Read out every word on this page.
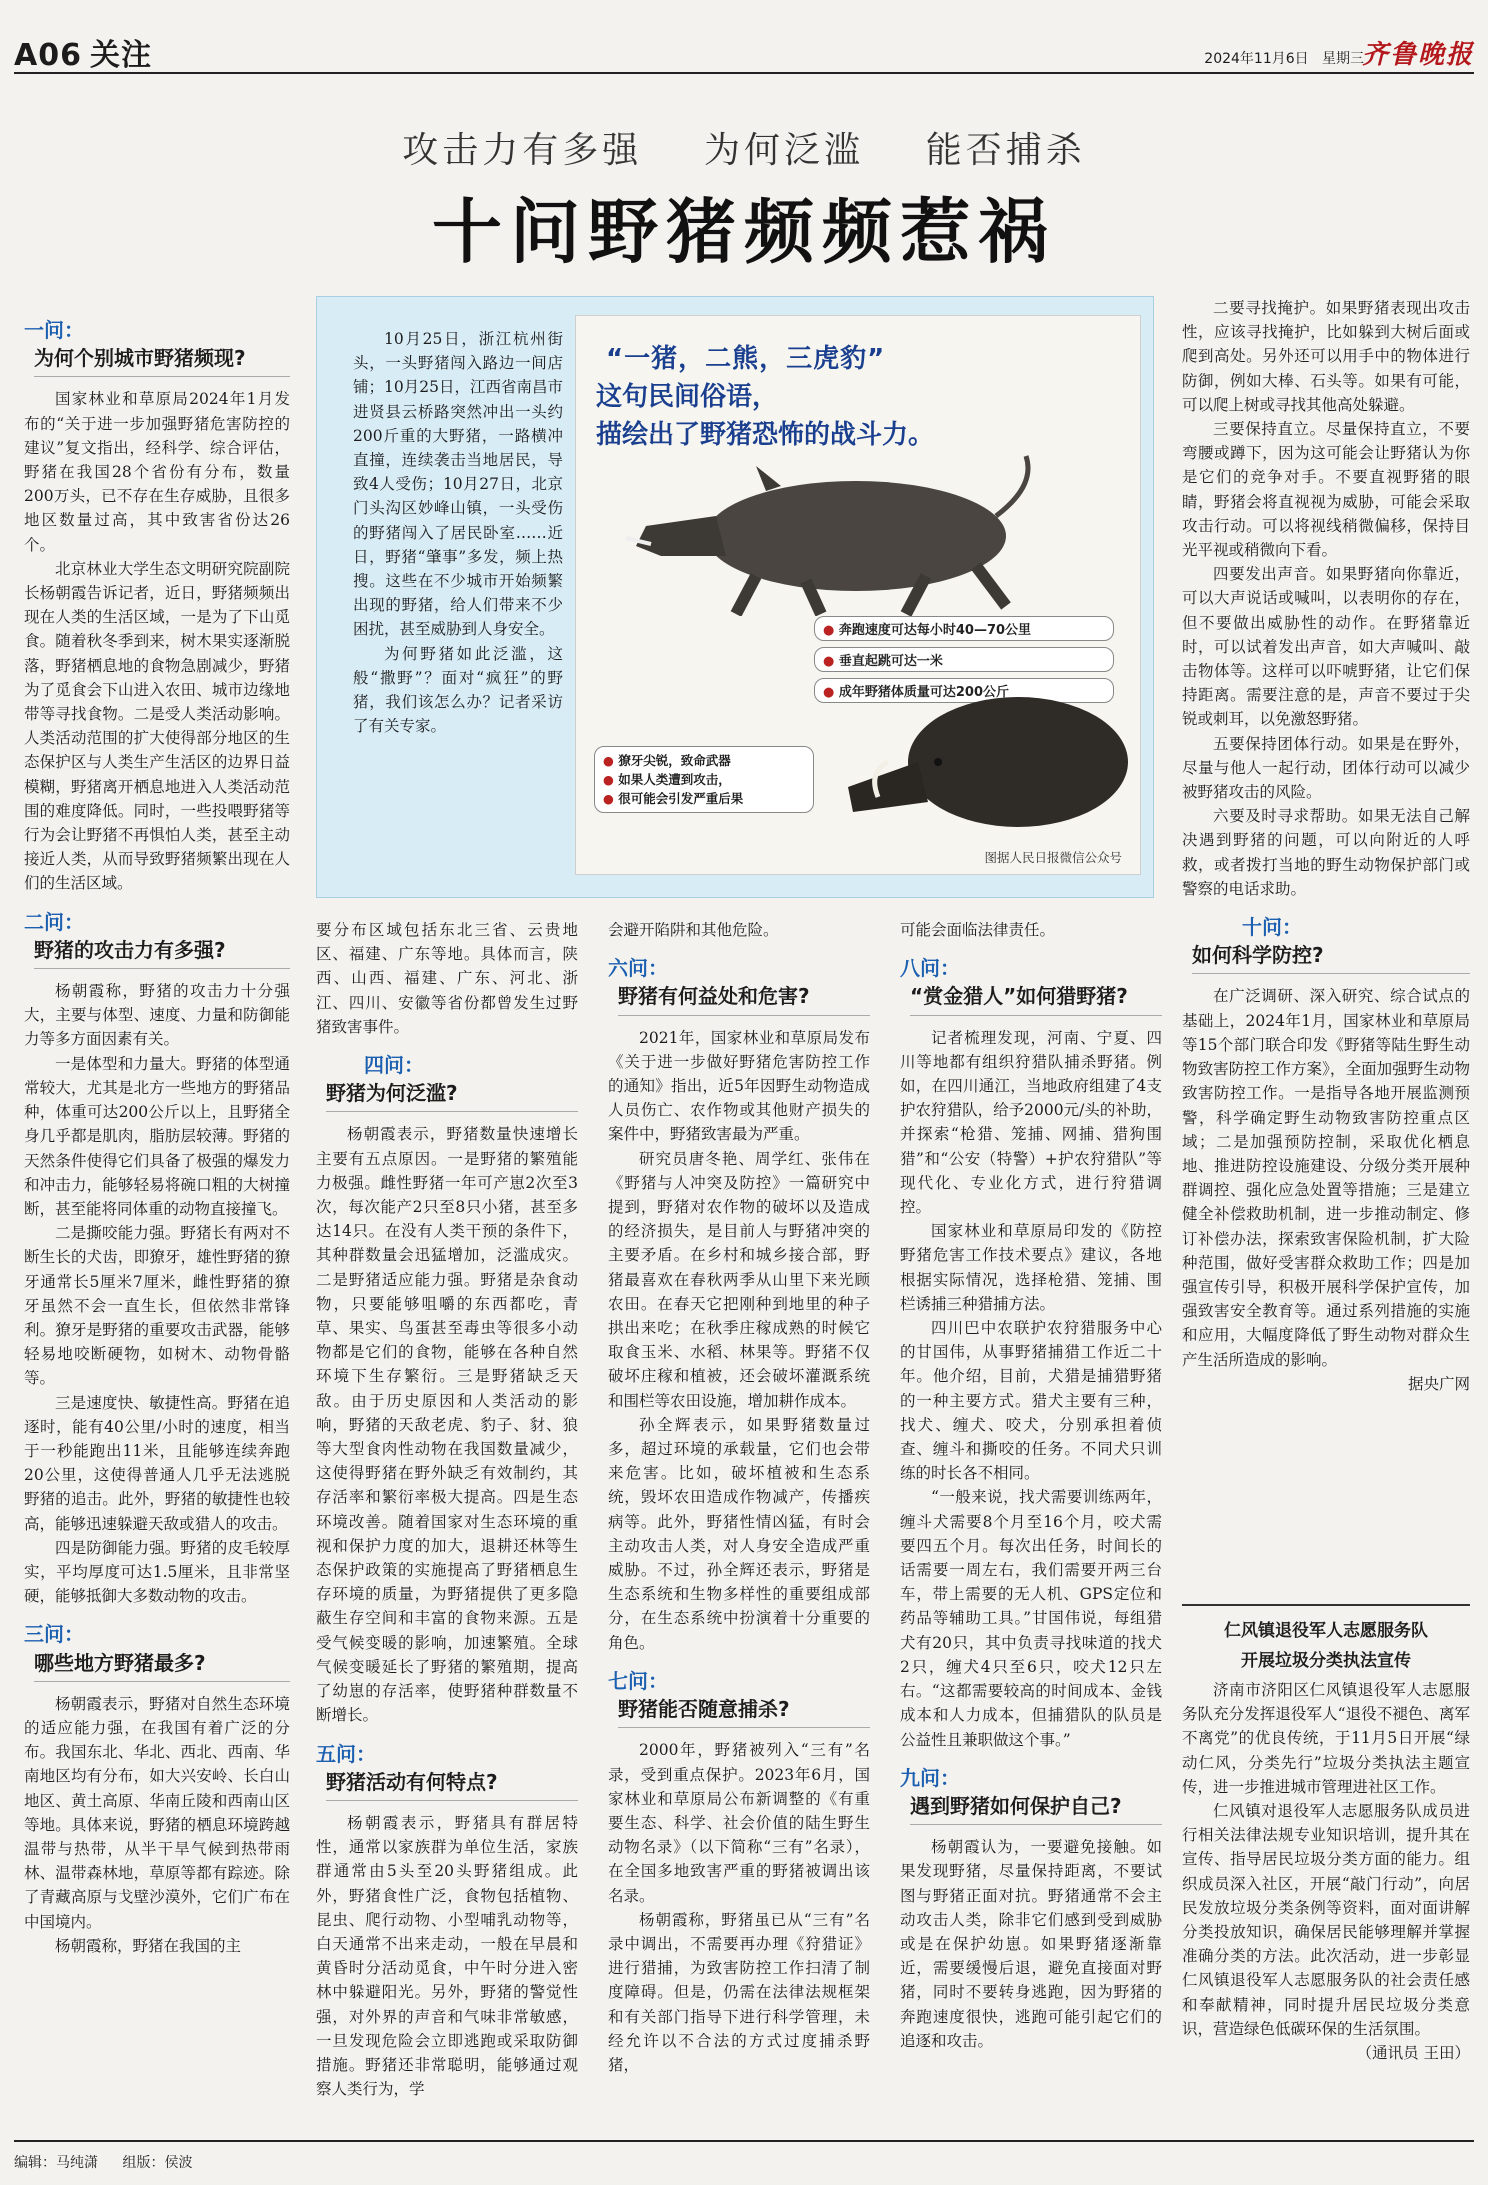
A06 关注	2024年11月6日 星期三
齐鲁晚报
攻击力有多强    为何泛滥    能否捕杀
十问野猪频频惹祸
一问：
为何个别城市野猪频现?

国家林业和草原局2024年1月发布的“关于进一步加强野猪危害防控的建议”复文指出，经科学、综合评估，野猪在我国28个省份有分布，数量200万头，已不存在生存威胁，且很多地区数量过高，其中致害省份达26个。

北京林业大学生态文明研究院副院长杨朝霞告诉记者，近日，野猪频频出现在人类的生活区域，一是为了下山觅食。随着秋冬季到来，树木果实逐渐脱落，野猪栖息地的食物急剧减少，野猪为了觅食会下山进入农田、城市边缘地带等寻找食物。二是受人类活动影响。人类活动范围的扩大使得部分地区的生态保护区与人类生产生活区的边界日益模糊，野猪离开栖息地进入人类活动范围的难度降低。同时，一些投喂野猪等行为会让野猪不再惧怕人类，甚至主动接近人类，从而导致野猪频繁出现在人们的生活区域。

二问：
野猪的攻击力有多强?

杨朝霞称，野猪的攻击力十分强大，主要与体型、速度、力量和防御能力等多方面因素有关。

一是体型和力量大。野猪的体型通常较大，尤其是北方一些地方的野猪品种，体重可达200公斤以上，且野猪全身几乎都是肌肉，脂肪层较薄。野猪的天然条件使得它们具备了极强的爆发力和冲击力，能够轻易将碗口粗的大树撞断，甚至能将同体重的动物直接撞飞。

二是撕咬能力强。野猪长有两对不断生长的犬齿，即獠牙，雄性野猪的獠牙通常长5厘米7厘米，雌性野猪的獠牙虽然不会一直生长，但依然非常锋利。獠牙是野猪的重要攻击武器，能够轻易地咬断硬物，如树木、动物骨骼等。

三是速度快、敏捷性高。野猪在追逐时，能有40公里/小时的速度，相当于一秒能跑出11米，且能够连续奔跑20公里，这使得普通人几乎无法逃脱野猪的追击。此外，野猪的敏捷性也较高，能够迅速躲避天敌或猎人的攻击。

四是防御能力强。野猪的皮毛较厚实，平均厚度可达1.5厘米，且非常坚硬，能够抵御大多数动物的攻击。

三问：
哪些地方野猪最多?

杨朝霞表示，野猪对自然生态环境的适应能力强，在我国有着广泛的分布。我国东北、华北、西北、西南、华南地区均有分布，如大兴安岭、长白山地区、黄土高原、华南丘陵和西南山区等地。具体来说，野猪的栖息环境跨越温带与热带，从半干旱气候到热带雨林、温带森林地，草原等都有踪迹。除了青藏高原与戈壁沙漠外，它们广布在中国境内。

杨朝霞称，野猪在我国的主

10月25日，浙江杭州街头，一头野猪闯入路边一间店铺；10月25日，江西省南昌市进贤县云桥路突然冲出一头约200斤重的大野猪，一路横冲直撞，连续袭击当地居民，导致4人受伤；10月27日，北京门头沟区妙峰山镇，一头受伤的野猪闯入了居民卧室……近日，野猪“肇事”多发，频上热搜。这些在不少城市开始频繁出现的野猪，给人们带来不少困扰，甚至威胁到人身安全。

为何野猪如此泛滥，这般“撒野”？面对“疯狂”的野猪，我们该怎么办？记者采访了有关专家。

“一猪，二熊，三虎豹”
这句民间俗语，
描绘出了野猪恐怖的战斗力。
● 奔跑速度可达每小时40—70公里
● 垂直起跳可达一米
● 成年野猪体质量可达200公斤
● 獠牙尖锐，致命武器
● 如果人类遭到攻击，
● 很可能会引发严重后果
图据人民日报微信公众号

要分布区域包括东北三省、云贵地区、福建、广东等地。具体而言，陕西、山西、福建、广东、河北、浙江、四川、安徽等省份都曾发生过野猪致害事件。

四问：
野猪为何泛滥?

杨朝霞表示，野猪数量快速增长主要有五点原因。一是野猪的繁殖能力极强。雌性野猪一年可产崽2次至3次，每次能产2只至8只小猪，甚至多达14只。在没有人类干预的条件下，其种群数量会迅猛增加，泛滥成灾。二是野猪适应能力强。野猪是杂食动物，只要能够咀嚼的东西都吃，青草、果实、鸟蛋甚至毒虫等很多小动物都是它们的食物，能够在各种自然环境下生存繁衍。三是野猪缺乏天敌。由于历史原因和人类活动的影响，野猪的天敌老虎、豹子、豺、狼等大型食肉性动物在我国数量减少，这使得野猪在野外缺乏有效制约，其存活率和繁衍率极大提高。四是生态环境改善。随着国家对生态环境的重视和保护力度的加大，退耕还林等生态保护政策的实施提高了野猪栖息生存环境的质量，为野猪提供了更多隐蔽生存空间和丰富的食物来源。五是受气候变暖的影响，加速繁殖。全球气候变暖延长了野猪的繁殖期，提高了幼崽的存活率，使野猪种群数量不断增长。

五问：
野猪活动有何特点?

杨朝霞表示，野猪具有群居特性，通常以家族群为单位生活，家族群通常由5头至20头野猪组成。此外，野猪食性广泛，食物包括植物、昆虫、爬行动物、小型哺乳动物等，白天通常不出来走动，一般在早晨和黄昏时分活动觅食，中午时分进入密林中躲避阳光。另外，野猪的警觉性强，对外界的声音和气味非常敏感，一旦发现危险会立即逃跑或采取防御措施。野猪还非常聪明，能够通过观察人类行为，学

会避开陷阱和其他危险。

六问：
野猪有何益处和危害?

2021年，国家林业和草原局发布《关于进一步做好野猪危害防控工作的通知》指出，近5年因野生动物造成人员伤亡、农作物或其他财产损失的案件中，野猪致害最为严重。

研究员唐冬艳、周学红、张伟在《野猪与人冲突及防控》一篇研究中提到，野猪对农作物的破坏以及造成的经济损失，是目前人与野猪冲突的主要矛盾。在乡村和城乡接合部，野猪最喜欢在春秋两季从山里下来光顾农田。在春天它把刚种到地里的种子拱出来吃；在秋季庄稼成熟的时候它取食玉米、水稻、林果等。野猪不仅破坏庄稼和植被，还会破坏灌溉系统和围栏等农田设施，增加耕作成本。

孙全辉表示，如果野猪数量过多，超过环境的承载量，它们也会带来危害。比如，破坏植被和生态系统，毁坏农田造成作物减产，传播疾病等。此外，野猪性情凶猛，有时会主动攻击人类，对人身安全造成严重威胁。不过，孙全辉还表示，野猪是生态系统和生物多样性的重要组成部分，在生态系统中扮演着十分重要的角色。

七问：
野猪能否随意捕杀?

2000年，野猪被列入“三有”名录，受到重点保护。2023年6月，国家林业和草原局公布新调整的《有重要生态、科学、社会价值的陆生野生动物名录》（以下简称“三有”名录），在全国多地致害严重的野猪被调出该名录。

杨朝霞称，野猪虽已从“三有”名录中调出，不需要再办理《狩猎证》进行猎捕，为致害防控工作扫清了制度障碍。但是，仍需在法律法规框架和有关部门指导下进行科学管理，未经允许以不合法的方式过度捕杀野猪，

可能会面临法律责任。

八问：
“赏金猎人”如何猎野猪?

记者梳理发现，河南、宁夏、四川等地都有组织狩猎队捕杀野猪。例如，在四川通江，当地政府组建了4支护农狩猎队，给予2000元/头的补助，并探索“枪猎、笼捕、网捕、猎狗围猎”和“公安（特警）+护农狩猎队”等现代化、专业化方式，进行狩猎调控。

国家林业和草原局印发的《防控野猪危害工作技术要点》建议，各地根据实际情况，选择枪猎、笼捕、围栏诱捕三种猎捕方法。

四川巴中农联护农狩猎服务中心的甘国伟，从事野猪捕猎工作近二十年。他介绍，目前，犬猎是捕猎野猪的一种主要方式。猎犬主要有三种，找犬、缠犬、咬犬，分别承担着侦查、缠斗和撕咬的任务。不同犬只训练的时长各不相同。

“一般来说，找犬需要训练两年，缠斗犬需要8个月至16个月，咬犬需要四五个月。每次出任务，时间长的话需要一周左右，我们需要开两三台车，带上需要的无人机、GPS定位和药品等辅助工具。”甘国伟说，每组猎犬有20只，其中负责寻找味道的找犬2只，缠犬4只至6只，咬犬12只左右。“这都需要较高的时间成本、金钱成本和人力成本，但捕猎队的队员是公益性且兼职做这个事。”

九问：
遇到野猪如何保护自己?

杨朝霞认为，一要避免接触。如果发现野猪，尽量保持距离，不要试图与野猪正面对抗。野猪通常不会主动攻击人类，除非它们感到受到威胁或是在保护幼崽。如果野猪逐渐靠近，需要缓慢后退，避免直接面对野猪，同时不要转身逃跑，因为野猪的奔跑速度很快，逃跑可能引起它们的追逐和攻击。

二要寻找掩护。如果野猪表现出攻击性，应该寻找掩护，比如躲到大树后面或爬到高处。另外还可以用手中的物体进行防御，例如大棒、石头等。如果有可能，可以爬上树或寻找其他高处躲避。

三要保持直立。尽量保持直立，不要弯腰或蹲下，因为这可能会让野猪认为你是它们的竞争对手。不要直视野猪的眼睛，野猪会将直视视为威胁，可能会采取攻击行动。可以将视线稍微偏移，保持目光平视或稍微向下看。

四要发出声音。如果野猪向你靠近，可以大声说话或喊叫，以表明你的存在，但不要做出威胁性的动作。在野猪靠近时，可以试着发出声音，如大声喊叫、敲击物体等。这样可以吓唬野猪，让它们保持距离。需要注意的是，声音不要过于尖锐或刺耳，以免激怒野猪。

五要保持团体行动。如果是在野外，尽量与他人一起行动，团体行动可以减少被野猪攻击的风险。

六要及时寻求帮助。如果无法自己解决遇到野猪的问题，可以向附近的人呼救，或者拨打当地的野生动物保护部门或警察的电话求助。

十问：
如何科学防控?

在广泛调研、深入研究、综合试点的基础上，2024年1月，国家林业和草原局等15个部门联合印发《野猪等陆生野生动物致害防控工作方案》，全面加强野生动物致害防控工作。一是指导各地开展监测预警，科学确定野生动物致害防控重点区域；二是加强预防控制，采取优化栖息地、推进防控设施建设、分级分类开展种群调控、强化应急处置等措施；三是建立健全补偿救助机制，进一步推动制定、修订补偿办法，探索致害保险机制，扩大险种范围，做好受害群众救助工作；四是加强宣传引导，积极开展科学保护宣传，加强致害安全教育等。通过系列措施的实施和应用，大幅度降低了野生动物对群众生产生活所造成的影响。

据央广网
仁风镇退役军人志愿服务队
开展垃圾分类执法宣传

济南市济阳区仁风镇退役军人志愿服务队充分发挥退役军人“退役不褪色、离军不离党”的优良传统，于11月5日开展“绿动仁风，分类先行”垃圾分类执法主题宣传，进一步推进城市管理进社区工作。

仁风镇对退役军人志愿服务队成员进行相关法律法规专业知识培训，提升其在宣传、指导居民垃圾分类方面的能力。组织成员深入社区，开展“敲门行动”，向居民发放垃圾分类条例等资料，面对面讲解分类投放知识，确保居民能够理解并掌握准确分类的方法。此次活动，进一步彰显仁风镇退役军人志愿服务队的社会责任感和奉献精神，同时提升居民垃圾分类意识，营造绿色低碳环保的生活氛围。

（通讯员 王田）
编辑：马纯潇 组版：侯波
